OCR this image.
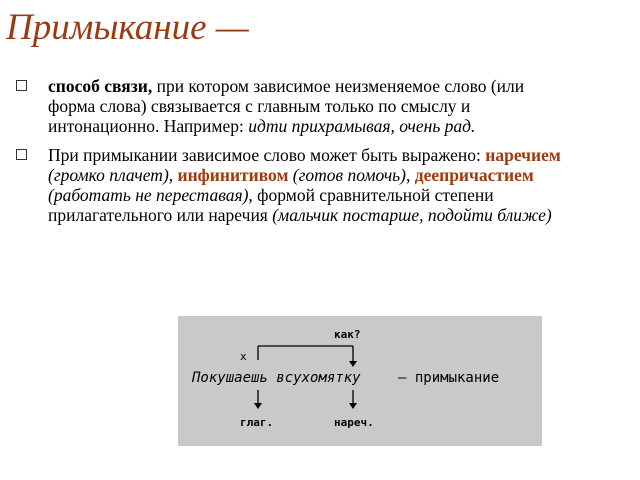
Примыкание —
способ связи, при котором зависимое неизменяемое слово (или форма слова) связывается с главным только по смыслу и интонационно. Например: идти прихрамывая, очень рад.
При примыкании зависимое слово может быть выражено: наречием (громко плачет), инфинитивом (готов помочь), деепричастием (работать не переставая), формой сравнительной степени прилагательного или наречия (мальчик постарше, подойти ближе)
как?
х
Покушаешь всухомятку	– примыкание
глаг.	нареч.
